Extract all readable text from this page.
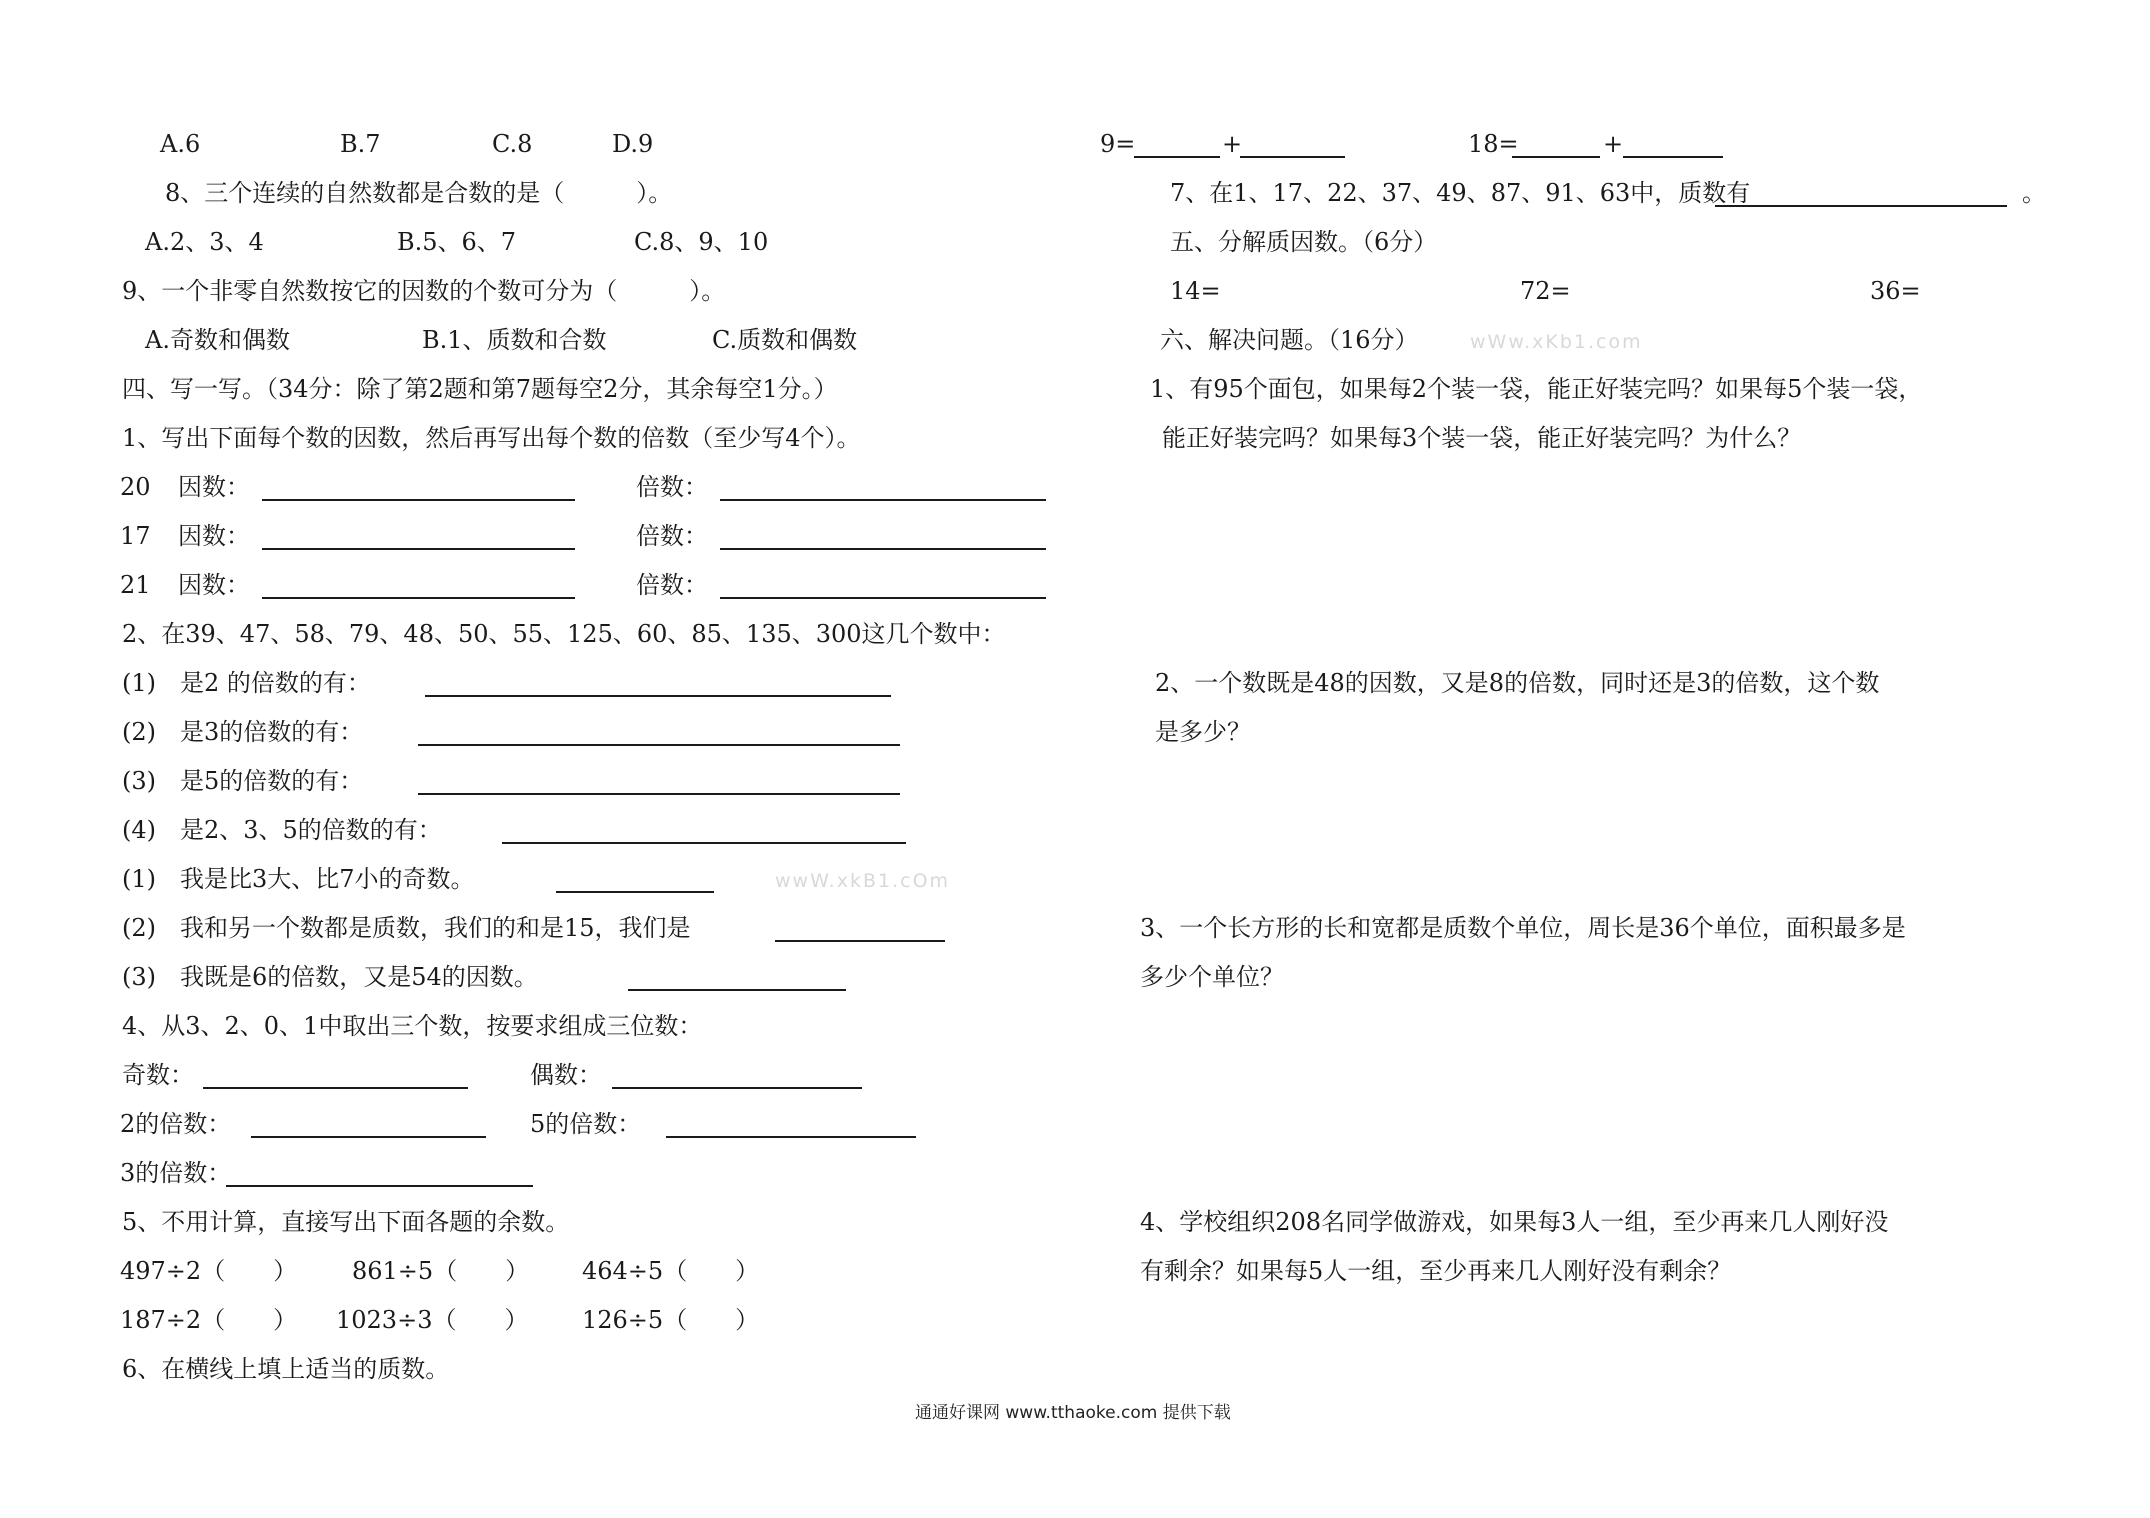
A.6	B.7	C.8	D.9
8、三个连续的自然数都是合数的是（　　　）。
A.2、3、4	B.5、6、7	C.8、9、10
9、一个非零自然数按它的因数的个数可分为（　　　）。
A.奇数和偶数	B.1、质数和合数	C.质数和偶数
四、写一写。（34分：除了第2题和第7题每空2分，其余每空1分。）
1、写出下面每个数的因数，然后再写出每个数的倍数（至少写4个）。
20 因数：	倍数：
17 因数：	倍数：
21 因数：	倍数：
2、在39、47、58、79、48、50、55、125、60、85、135、300这几个数中：
(1)　是2 的倍数的有：
(2)　是3的倍数的有：
(3)　是5的倍数的有：
(4)　是2、3、5的倍数的有：
(1)　我是比3大、比7小的奇数。	wwW.xkB1.cOm
(2)　我和另一个数都是质数，我们的和是15，我们是
(3)　我既是6的倍数，又是54的因数。
4、从3、2、0、1中取出三个数，按要求组成三位数：
奇数：	偶数：
2的倍数：	5的倍数：
3的倍数：
5、不用计算，直接写出下面各题的余数。
497÷2（　　） 861÷5（　　） 464÷5（　　）
187÷2（　　） 1023÷3（　　） 126÷5（　　）
6、在横线上填上适当的质数。
9=	+	18=	+
7、在1、17、22、37、49、87、91、63中，质数有	。
五、分解质因数。（6分）
14=	72=	36=
六、解决问题。（16分）	wWw.xKb1.com
1、有95个面包，如果每2个装一袋，能正好装完吗？如果每5个装一袋，
能正好装完吗？如果每3个装一袋，能正好装完吗？为什么？
2、一个数既是48的因数，又是8的倍数，同时还是3的倍数，这个数
是多少？
3、一个长方形的长和宽都是质数个单位，周长是36个单位，面积最多是
多少个单位？
4、学校组织208名同学做游戏，如果每3人一组，至少再来几人刚好没
有剩余？如果每5人一组，至少再来几人刚好没有剩余？
通通好课网 www.tthaoke.com 提供下载
